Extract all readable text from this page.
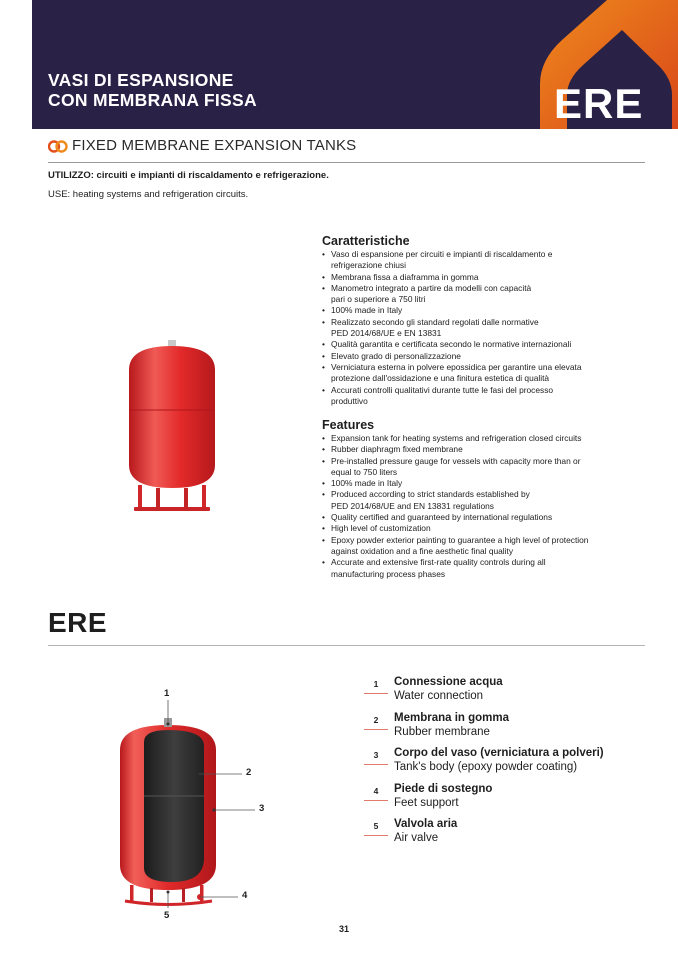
VASI DI ESPANSIONE
CON MEMBRANA FISSA	ERE
FIXED MEMBRANE EXPANSION TANKS
UTILIZZO: circuiti e impianti di riscaldamento e refrigerazione.
USE: heating systems and refrigeration circuits.
Caratteristiche
• Vaso di espansione per circuiti e impianti di riscaldamento e
refrigerazione chiusi
• Membrana fissa a diaframma in gomma
• Manometro integrato a partire da modelli con capacità
pari o superiore a 750 litri
• 100% made in Italy
• Realizzato secondo gli standard regolati dalle normative
PED 2014/68/UE e EN 13831
• Qualità garantita e certificata secondo le normative internazionali
• Elevato grado di personalizzazione
• Verniciatura esterna in polvere epossidica per garantire una elevata
protezione dall'ossidazione e una finitura estetica di qualità
• Accurati controlli qualitativi durante tutte le fasi del processo
produttivo
Features
• Expansion tank for heating systems and refrigeration closed circuits
• Rubber diaphragm fixed membrane
• Pre-installed pressure gauge for vessels with capacity more than or
equal to 750 liters
• 100% made in Italy
• Produced according to strict standards established by
PED 2014/68/UE and EN 13831 regulations
• Quality certified and guaranteed by international regulations
• High level of customization
• Epoxy powder exterior painting to guarantee a high level of protection
against oxidation and a fine aesthetic final quality
• Accurate and extensive first-rate quality controls during all
manufacturing process phases
ERE
1
2
3
4
5
1	Connessione acqua
Water connection
2	Membrana in gomma
Rubber membrane
3	Corpo del vaso (verniciatura a polveri)
Tank's body (epoxy powder coating)
4	Piede di sostegno
Feet support
5	Valvola aria
Air valve
31
